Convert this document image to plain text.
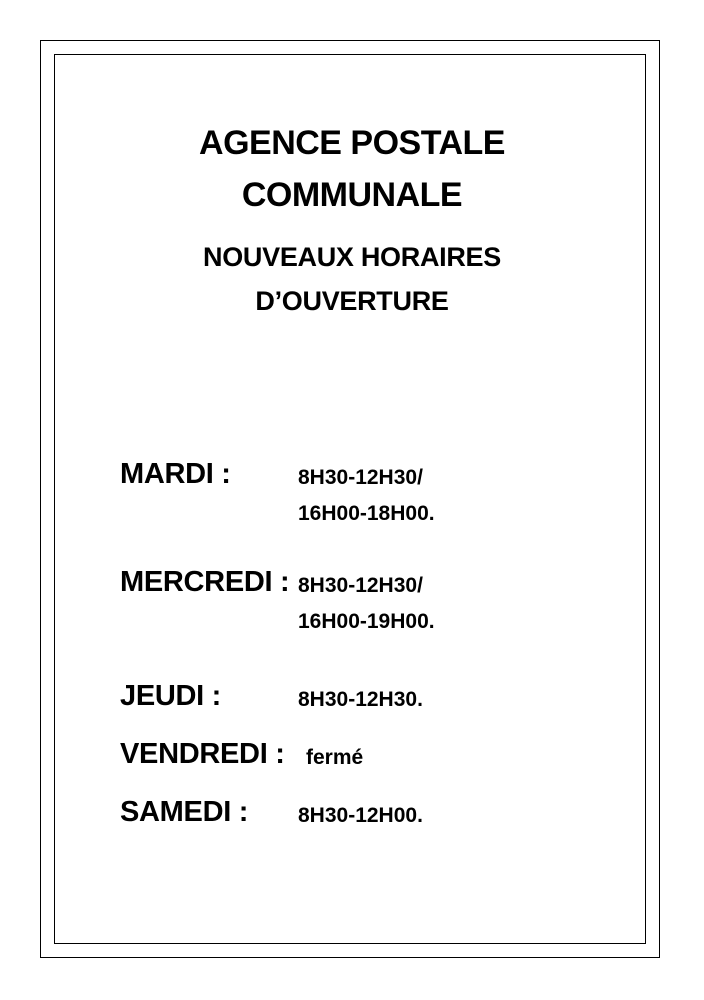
AGENCE POSTALE
COMMUNALE
NOUVEAUX HORAIRES
D’OUVERTURE
MARDI :	8H30-12H30/
16H00-18H00.
MERCREDI : 8H30-12H30/
16H00-19H00.
JEUDI :	8H30-12H30.
VENDREDI : fermé
SAMEDI : 8H30-12H00.
